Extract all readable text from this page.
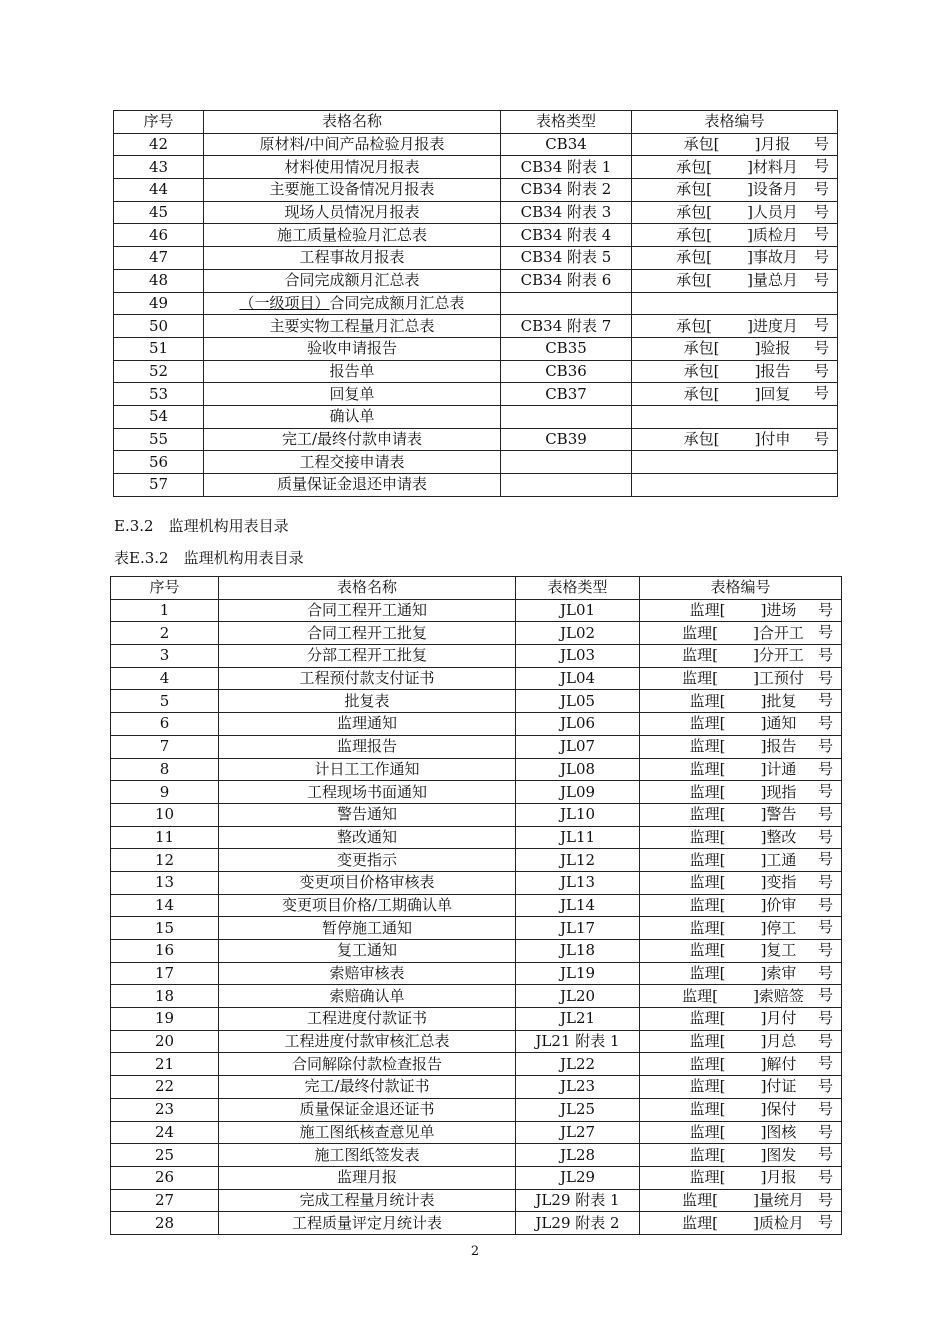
序号	表格名称	表格类型	表格编号
42	原材料/中间产品检验月报表	CB34	承包[ ]月报 号

43	材料使用情况月报表	CB34 附表 1	承包[ ]材料月 号

44	主要施工设备情况月报表	CB34 附表 2	承包[ ]设备月 号

45	现场人员情况月报表	CB34 附表 3	承包[ ]人员月 号

46	施工质量检验月汇总表	CB34 附表 4	承包[ ]质检月 号

47	工程事故月报表	CB34 附表 5	承包[ ]事故月 号

48	合同完成额月汇总表	CB34 附表 6	承包[ ]量总月 号

49	（一级项目）合同完成额月汇总表		
50	主要实物工程量月汇总表	CB34 附表 7	承包[ ]进度月 号

51	验收申请报告	CB35	承包[ ]验报 号

52	报告单	CB36	承包[ ]报告 号

53	回复单	CB37	承包[ ]回复 号

54	确认单		
55	完工/最终付款申请表	CB39	承包[ ]付申 号

56	工程交接申请表		
57	质量保证金退还申请表		
E.3.2　监理机构用表目录
表E.3.2　监理机构用表目录
序号	表格名称	表格类型	表格编号
1	合同工程开工通知	JL01	监理[ ]进场 号

2	合同工程开工批复	JL02	监理[ ]合开工 号

3	分部工程开工批复	JL03	监理[ ]分开工 号

4	工程预付款支付证书	JL04	监理[ ]工预付 号

5	批复表	JL05	监理[ ]批复 号

6	监理通知	JL06	监理[ ]通知 号

7	监理报告	JL07	监理[ ]报告 号

8	计日工工作通知	JL08	监理[ ]计通 号

9	工程现场书面通知	JL09	监理[ ]现指 号

10	警告通知	JL10	监理[ ]警告 号

11	整改通知	JL11	监理[ ]整改 号

12	变更指示	JL12	监理[ ]工通 号

13	变更项目价格审核表	JL13	监理[ ]变指 号

14	变更项目价格/工期确认单	JL14	监理[ ]价审 号

15	暂停施工通知	JL17	监理[ ]停工 号

16	复工通知	JL18	监理[ ]复工 号

17	索赔审核表	JL19	监理[ ]索审 号

18	索赔确认单	JL20	监理[ ]索赔签 号

19	工程进度付款证书	JL21	监理[ ]月付 号

20	工程进度付款审核汇总表	JL21 附表 1	监理[ ]月总 号

21	合同解除付款检查报告	JL22	监理[ ]解付 号

22	完工/最终付款证书	JL23	监理[ ]付证 号

23	质量保证金退还证书	JL25	监理[ ]保付 号

24	施工图纸核查意见单	JL27	监理[ ]图核 号

25	施工图纸签发表	JL28	监理[ ]图发 号

26	监理月报	JL29	监理[ ]月报 号

27	完成工程量月统计表	JL29 附表 1	监理[ ]量统月 号

28	工程质量评定月统计表	JL29 附表 2	监理[ ]质检月 号
2
